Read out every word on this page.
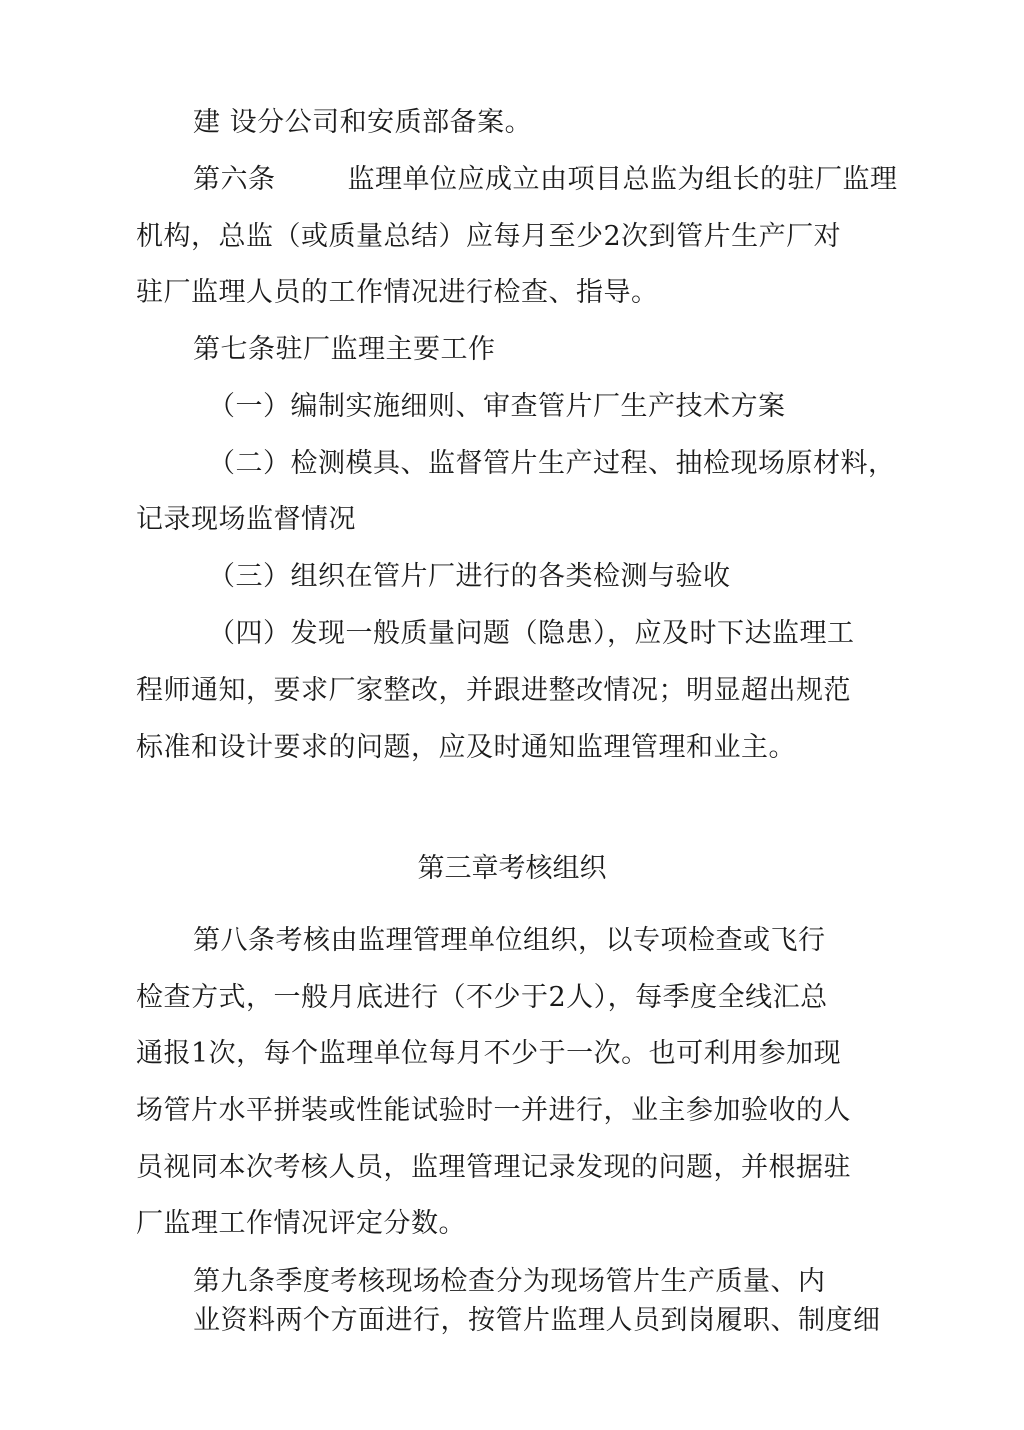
建 设分公司和安质部备案。
第六条	监理单位应成立由项目总监为组长的驻厂监理
机构，总监（或质量总结）应每月至少2次到管片生产厂对
驻厂监理人员的工作情况进行检查、指导。
第七条驻厂监理主要工作
（一）编制实施细则、审查管片厂生产技术方案
（二）检测模具、监督管片生产过程、抽检现场原材料，
记录现场监督情况
（三）组织在管片厂进行的各类检测与验收
（四）发现一般质量问题（隐患），应及时下达监理工
程师通知，要求厂家整改，并跟进整改情况；明显超出规范
标准和设计要求的问题，应及时通知监理管理和业主。
第三章考核组织
第八条考核由监理管理单位组织，以专项检查或飞行
检查方式，一般月底进行（不少于2人），每季度全线汇总
通报1次，每个监理单位每月不少于一次。也可利用参加现
场管片水平拼装或性能试验时一并进行，业主参加验收的人
员视同本次考核人员，监理管理记录发现的问题，并根据驻
厂监理工作情况评定分数。
第九条季度考核现场检查分为现场管片生产质量、内
业资料两个方面进行，按管片监理人员到岗履职、制度细
